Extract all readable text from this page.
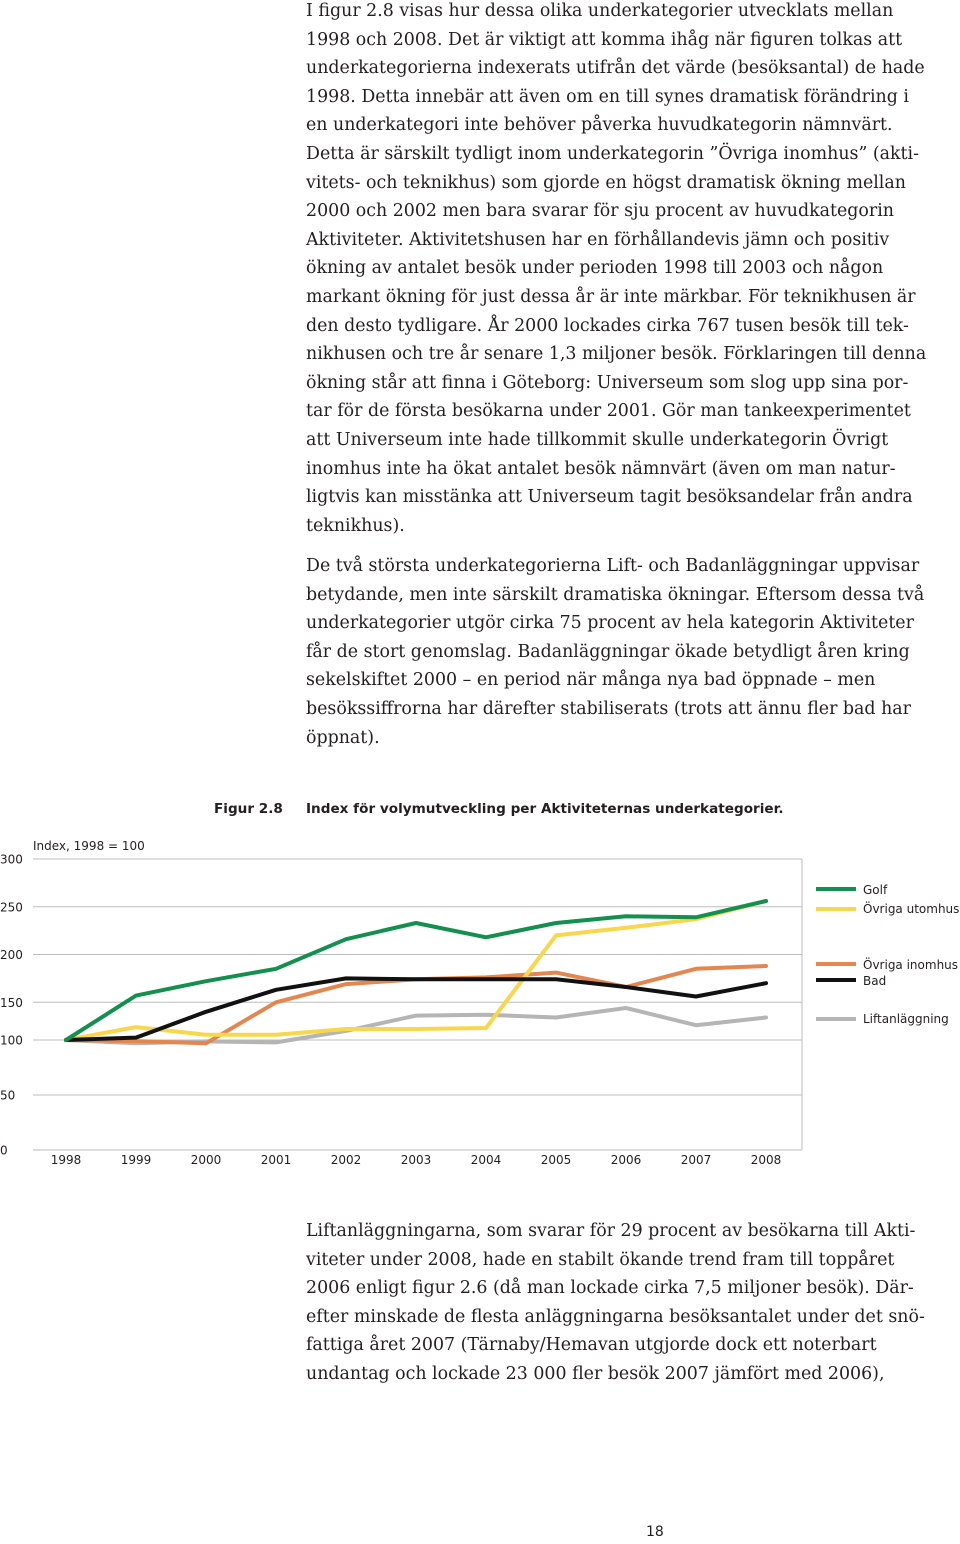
I figur 2.8 visas hur dessa olika underkategorier utvecklats mellan
1998 och 2008. Det är viktigt att komma ihåg när figuren tolkas att
underkategorierna indexerats utifrån det värde (besöksantal) de hade
1998. Detta innebär att även om en till synes dramatisk förändring i
en underkategori inte behöver påverka huvudkategorin nämnvärt.
Detta är särskilt tydligt inom underkategorin ”Övriga inomhus” (akti-
vitets- och teknikhus) som gjorde en högst dramatisk ökning mellan
2000 och 2002 men bara svarar för sju procent av huvudkategorin
Aktiviteter. Aktivitetshusen har en förhållandevis jämn och positiv
ökning av antalet besök under perioden 1998 till 2003 och någon
markant ökning för just dessa år är inte märkbar. För teknikhusen är
den desto tydligare. År 2000 lockades cirka 767 tusen besök till tek-
nikhusen och tre år senare 1,3 miljoner besök. Förklaringen till denna
ökning står att finna i Göteborg: Universeum som slog upp sina por-
tar för de första besökarna under 2001. Gör man tankeexperimentet
att Universeum inte hade tillkommit skulle underkategorin Övrigt
inomhus inte ha ökat antalet besök nämnvärt (även om man natur-
ligtvis kan misstänka att Universeum tagit besöksandelar från andra
teknikhus).

De två största underkategorierna Lift- och Badanläggningar uppvisar
betydande, men inte särskilt dramatiska ökningar. Eftersom dessa två
underkategorier utgör cirka 75 procent av hela kategorin Aktiviteter
får de stort genomslag. Badanläggningar ökade betydligt åren kring
sekelskiftet 2000 – en period när många nya bad öppnade – men
besökssiffrorna har därefter stabiliserats (trots att ännu fler bad har
öppnat).

Liftanläggningarna, som svarar för 29 procent av besökarna till Akti-
viteter under 2008, hade en stabilt ökande trend fram till toppåret
2006 enligt figur 2.6 (då man lockade cirka 7,5 miljoner besök). Där-
efter minskade de flesta anläggningarna besöksantalet under det snö-
fattiga året 2007 (Tärnaby/Hemavan utgjorde dock ett noterbart
undantag och lockade 23 000 fler besök 2007 jämfört med 2006),

Figur 2.8 Index för volymutveckling per Aktiviteternas underkategorier.
0
50
100
150
200
250
300
1998	1999	2000	2001	2002	2003	2004	2005	2006	2007	2008
Index, 1998 = 100
Golf
Övriga utomhus
Övriga inomhus
Bad
Liftanläggning
18
